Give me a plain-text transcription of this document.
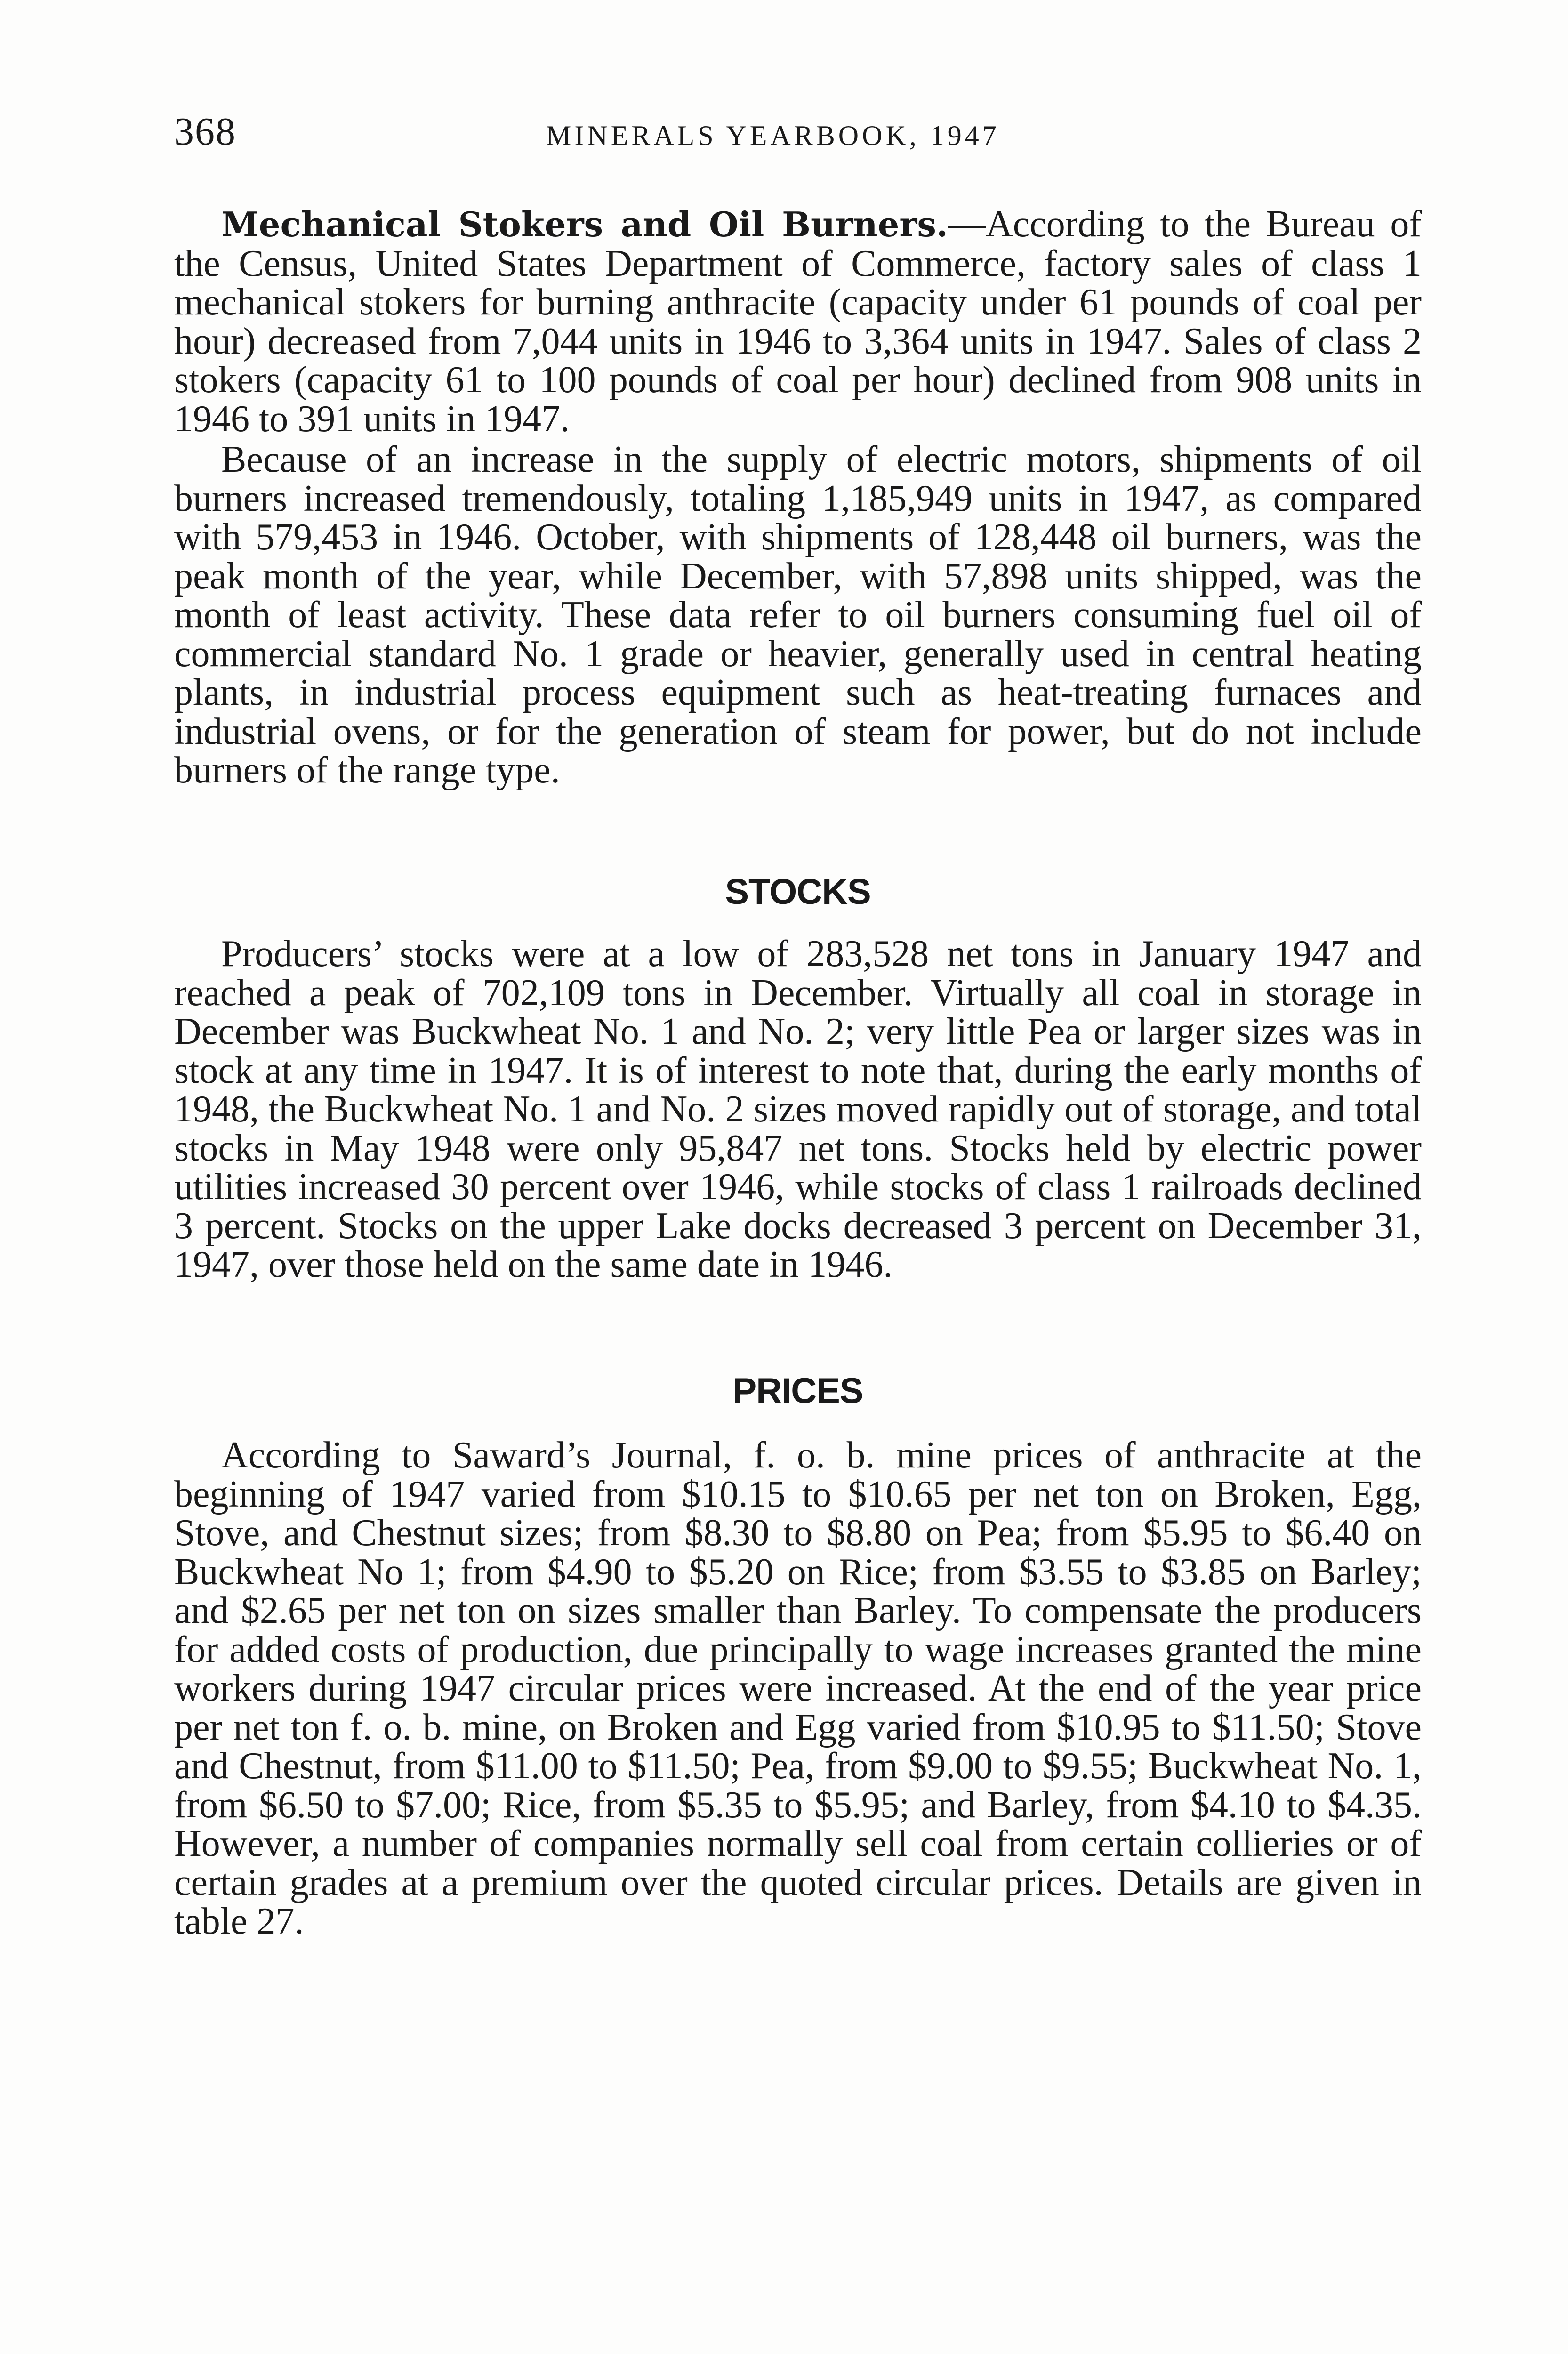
368	MINERALS YEARBOOK, 1947

Mechanical Stokers and Oil Burners.—According to the Bureau of the Census, United States Department of Commerce, factory sales of class 1 mechanical stokers for burning anthracite (capacity under 61 pounds of coal per hour) decreased from 7,044 units in 1946 to 3,364 units in 1947. Sales of class 2 stokers (capacity 61 to 100 pounds of coal per hour) declined from 908 units in 1946 to 391 units in 1947.

Because of an increase in the supply of electric motors, shipments of oil burners increased tremendously, totaling 1,185,949 units in 1947, as compared with 579,453 in 1946. October, with shipments of 128,448 oil burners, was the peak month of the year, while December, with 57,898 units shipped, was the month of least activity. These data refer to oil burners consuming fuel oil of commercial standard No. 1 grade or heavier, generally used in central heating plants, in industrial process equipment such as heat-treating furnaces and industrial ovens, or for the generation of steam for power, but do not include burners of the range type.

STOCKS

Producers’ stocks were at a low of 283,528 net tons in January 1947 and reached a peak of 702,109 tons in December. Virtually all coal in storage in December was Buckwheat No. 1 and No. 2; very little Pea or larger sizes was in stock at any time in 1947. It is of interest to note that, during the early months of 1948, the Buckwheat No. 1 and No. 2 sizes moved rapidly out of storage, and total stocks in May 1948 were only 95,847 net tons. Stocks held by electric power utilities increased 30 percent over 1946, while stocks of class 1 railroads declined 3 percent. Stocks on the upper Lake docks decreased 3 percent on December 31, 1947, over those held on the same date in 1946.

PRICES

According to Saward’s Journal, f. o. b. mine prices of anthracite at the beginning of 1947 varied from $10.15 to $10.65 per net ton on Broken, Egg, Stove, and Chestnut sizes; from $8.30 to $8.80 on Pea; from $5.95 to $6.40 on Buckwheat No 1; from $4.90 to $5.20 on Rice; from $3.55 to $3.85 on Barley; and $2.65 per net ton on sizes smaller than Barley. To compensate the producers for added costs of production, due principally to wage increases granted the mine workers during 1947 circular prices were increased. At the end of the year price per net ton f. o. b. mine, on Broken and Egg varied from $10.95 to $11.50; Stove and Chestnut, from $11.00 to $11.50; Pea, from $9.00 to $9.55; Buckwheat No. 1, from $6.50 to $7.00; Rice, from $5.35 to $5.95; and Barley, from $4.10 to $4.35. However, a number of companies normally sell coal from certain collieries or of certain grades at a premium over the quoted circular prices. Details are given in table 27.
